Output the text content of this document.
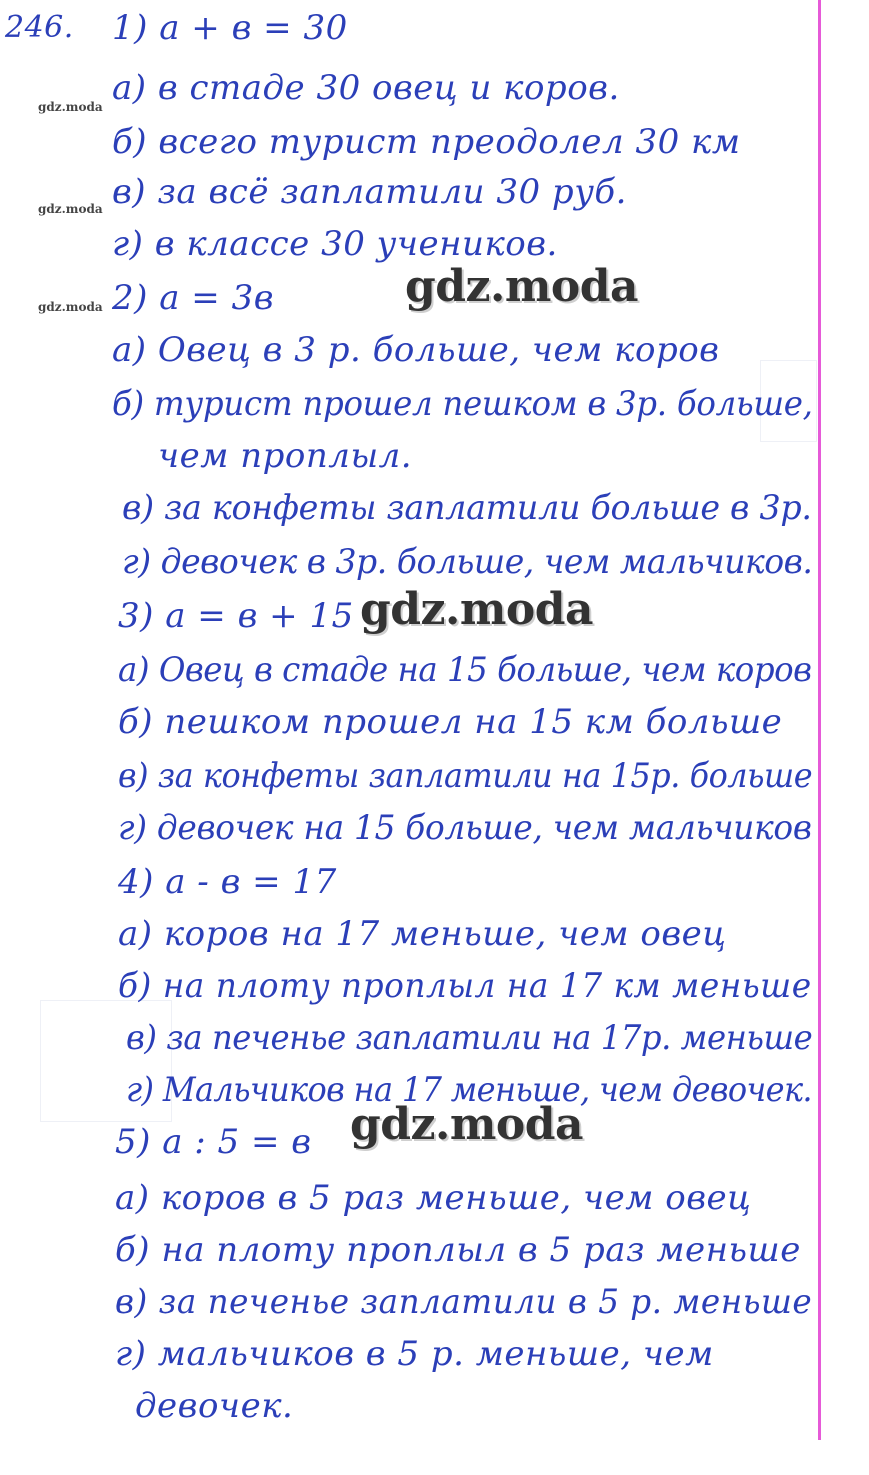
gdz.moda
gdz.moda
gdz.moda	gdz.moda
gdz.moda
gdz.moda
246. 1) a + в = 30
а) в стаде 30 овец и коров.
б) всего турист преодолел 30 км
в) за всё заплатили 30 руб.
г) в классе 30 учеников.
2) a = 3в
а) Овец в 3 р. больше, чем коров
б) турист прошел пешком в 3р. больше,
чем проплыл.
в) за конфеты заплатили больше в 3р.
г) девочек в 3р. больше, чем мальчиков.
3) a = в + 15
а) Овец в стаде на 15 больше, чем коров
б) пешком прошел на 15 км больше
в) за конфеты заплатили на 15р. больше
г) девочек на 15 больше, чем мальчиков
4) a - в = 17
а) коров на 17 меньше, чем овец
б) на плоту проплыл на 17 км меньше
в) за печенье заплатили на 17р. меньше
г) Мальчиков на 17 меньше, чем девочек.
5) a : 5 = в
а) коров в 5 раз меньше, чем овец
б) на плоту проплыл в 5 раз меньше
в) за печенье заплатили в 5 р. меньше
г) мальчиков в 5 р. меньше, чем
девочек.
